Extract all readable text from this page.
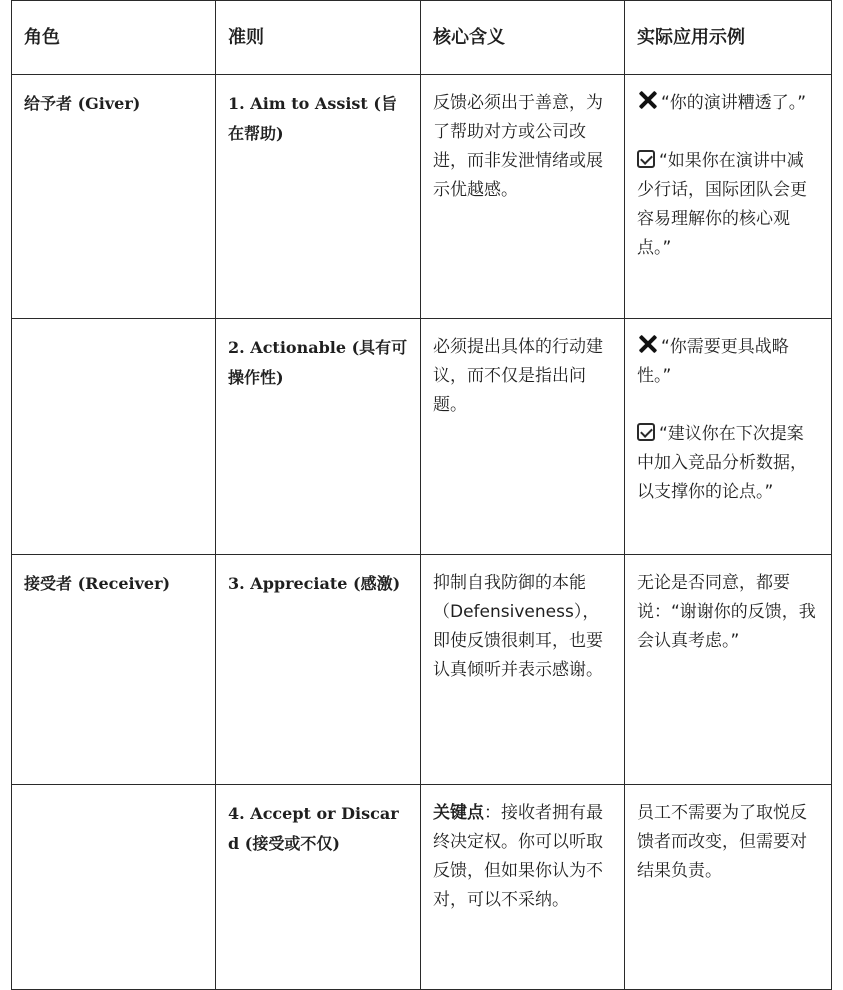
角色	准则	核心含义	实际应用示例

给予者 (Giver)	1. Aim to Assist (旨在帮助)	反馈必须出于善意，为了帮助对方或公司改进，而非发泄情绪或展示优越感。	“你的演讲糟透了。”
“如果你在演讲中减少行话，国际团队会更容易理解你的核心观点。”

	2. Actionable (具有可操作性)	必须提出具体的行动建议，而不仅是指出问题。	“你需要更具战略性。”
“建议你在下次提案中加入竞品分析数据，以支撑你的论点。”

接受者 (Receiver)	3. Appreciate (感激)	抑制自我防御的本能（Defensiveness），即使反馈很刺耳，也要认真倾听并表示感谢。	无论是否同意，都要说：“谢谢你的反馈，我会认真考虑。”
	4. Accept or Discard (接受或不仅)	关键点：接收者拥有最终决定权。你可以听取反馈，但如果你认为不对，可以不采纳。	员工不需要为了取悦反馈者而改变，但需要对结果负责。
